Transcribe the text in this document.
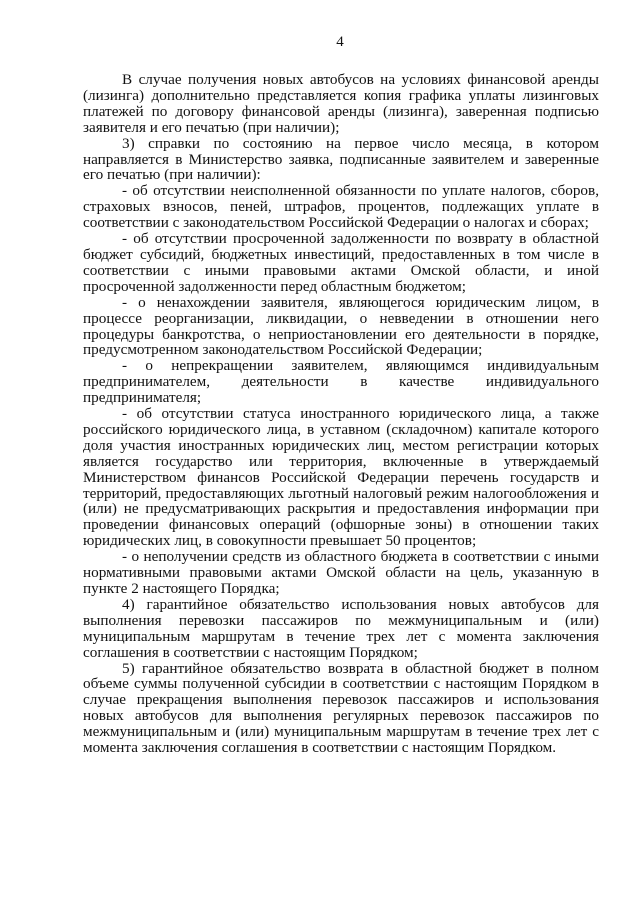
4

В случае получения новых автобусов на условиях финансовой аренды (лизинга) дополнительно представляется копия графика уплаты лизинговых платежей по договору финансовой аренды (лизинга), заверенная подписью заявителя и его печатью (при наличии);

3) справки по состоянию на первое число месяца, в котором направляется в Министерство заявка, подписанные заявителем и заверенные его печатью (при наличии):

- об отсутствии неисполненной обязанности по уплате налогов, сборов, страховых взносов, пеней, штрафов, процентов, подлежащих уплате в соответствии с законодательством Российской Федерации о налогах и сборах;

- об отсутствии просроченной задолженности по возврату в областной бюджет субсидий, бюджетных инвестиций, предоставленных в том числе в соответствии с иными правовыми актами Омской области, и иной просроченной задолженности перед областным бюджетом;

- о ненахождении заявителя, являющегося юридическим лицом, в процессе реорганизации, ликвидации, о невведении в отношении него процедуры банкротства, о неприостановлении его деятельности в порядке, предусмотренном законодательством Российской Федерации;

- о непрекращении заявителем, являющимся индивидуальным предпринимателем, деятельности в качестве индивидуального предпринимателя;

- об отсутствии статуса иностранного юридического лица, а также российского юридического лица, в уставном (складочном) капитале которого доля участия иностранных юридических лиц, местом регистрации которых является государство или территория, включенные в утверждаемый Министерством финансов Российской Федерации перечень государств и территорий, предоставляющих льготный налоговый режим налогообложения и (или) не предусматривающих раскрытия и предоставления информации при проведении финансовых операций (офшорные зоны) в отношении таких юридических лиц, в совокупности превышает 50 процентов;

- о неполучении средств из областного бюджета в соответствии с иными нормативными правовыми актами Омской области на цель, указанную в пункте 2 настоящего Порядка;

4) гарантийное обязательство использования новых автобусов для выполнения перевозки пассажиров по межмуниципальным и (или) муниципальным маршрутам в течение трех лет с момента заключения соглашения в соответствии с настоящим Порядком;

5) гарантийное обязательство возврата в областной бюджет в полном объеме суммы полученной субсидии в соответствии с настоящим Порядком в случае прекращения выполнения перевозок пассажиров и использования новых автобусов для выполнения регулярных перевозок пассажиров по межмуниципальным и (или) муниципальным маршрутам в течение трех лет с момента заключения соглашения в соответствии с настоящим Порядком.
